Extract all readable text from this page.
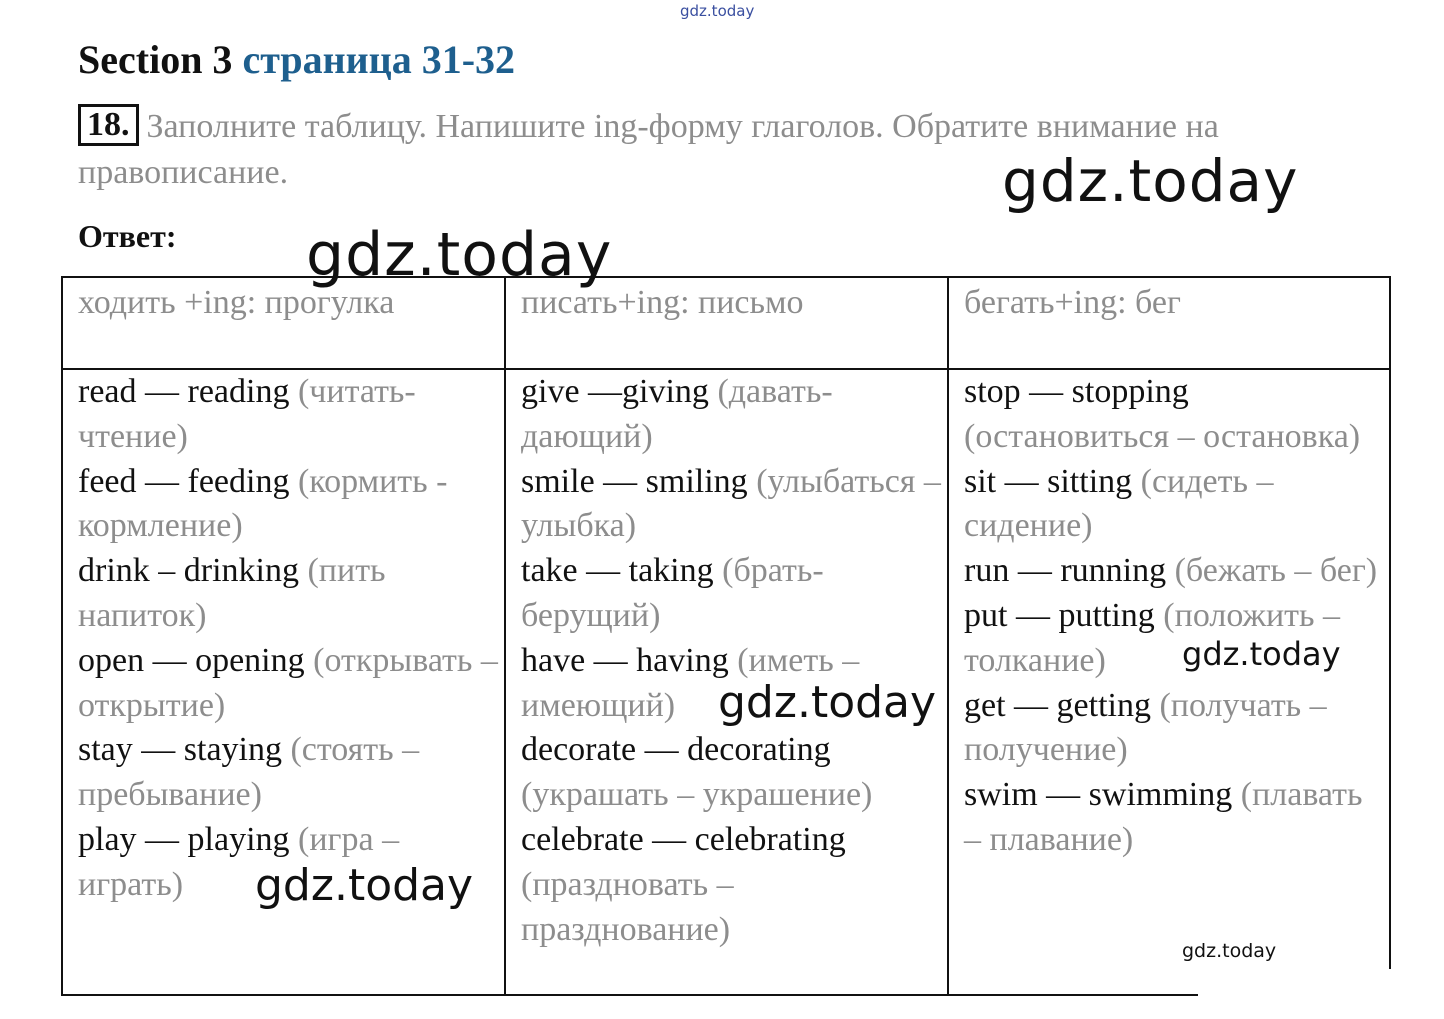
gdz.today
Section 3 страница 31-32
18. Заполните таблицу. Напишите ing-форму глаголов. Обратите внимание на правописание.
Ответ:
ходить +ing: прогулка	писать+ing: письмо	бегать+ing: бег
read — reading (читать-чтение)
feed — feeding (кормить - кормление)
drink – drinking (пить напиток)
open — opening (открывать – открытие)
stay — staying (стоять – пребывание)
play — playing (игра – играть)
give —giving (давать-дающий)
smile — smiling (улыбаться – улыбка)
take — taking (брать-берущий)
have — having (иметь – имеющий)
decorate — decorating (украшать – украшение)
celebrate — celebrating (праздновать – празднование)
stop — stopping (остановиться – остановка)
sit — sitting (сидеть – сидение)
run — running (бежать – бег)
put — putting (положить – толкание)
get — getting (получать – получение)
swim — swimming (плавать – плавание)
gdz.today
gdz.today
gdz.today
gdz.today
gdz.today
gdz.today
